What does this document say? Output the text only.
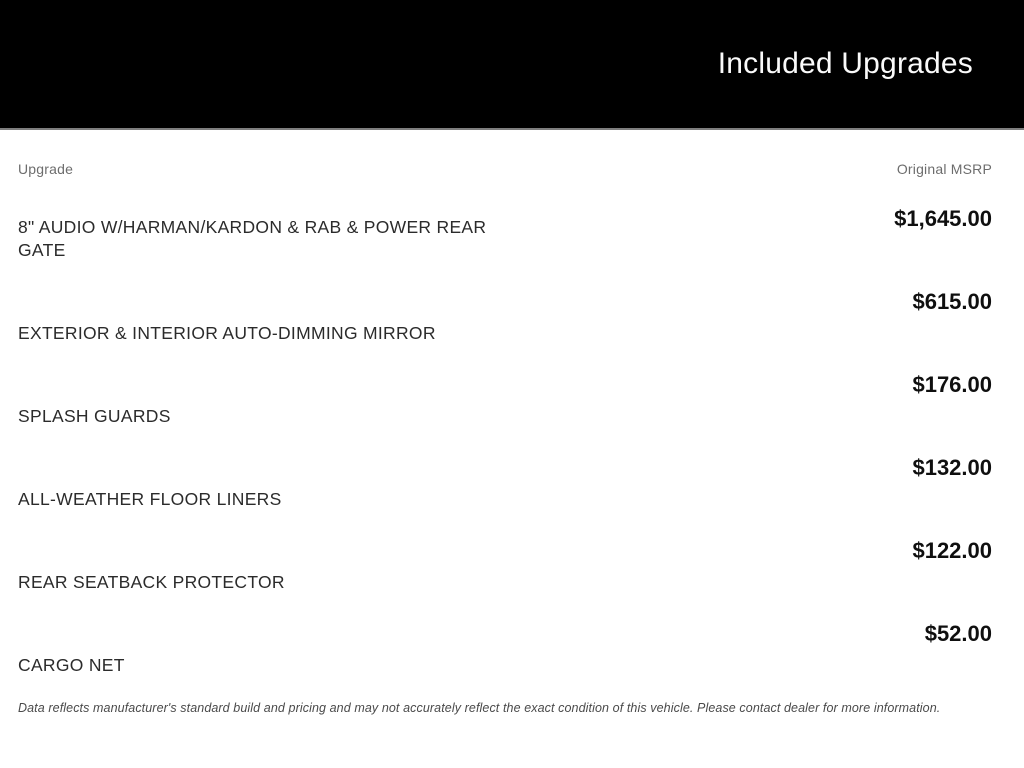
Included Upgrades
Upgrade	Original MSRP
8" AUDIO W/HARMAN/KARDON & RAB & POWER REAR GATE
$1,645.00
EXTERIOR & INTERIOR AUTO-DIMMING MIRROR
$615.00
SPLASH GUARDS
$176.00
ALL-WEATHER FLOOR LINERS
$132.00
REAR SEATBACK PROTECTOR
$122.00
CARGO NET
$52.00
Data reflects manufacturer's standard build and pricing and may not accurately reflect the exact condition of this vehicle. Please contact dealer for more information.
